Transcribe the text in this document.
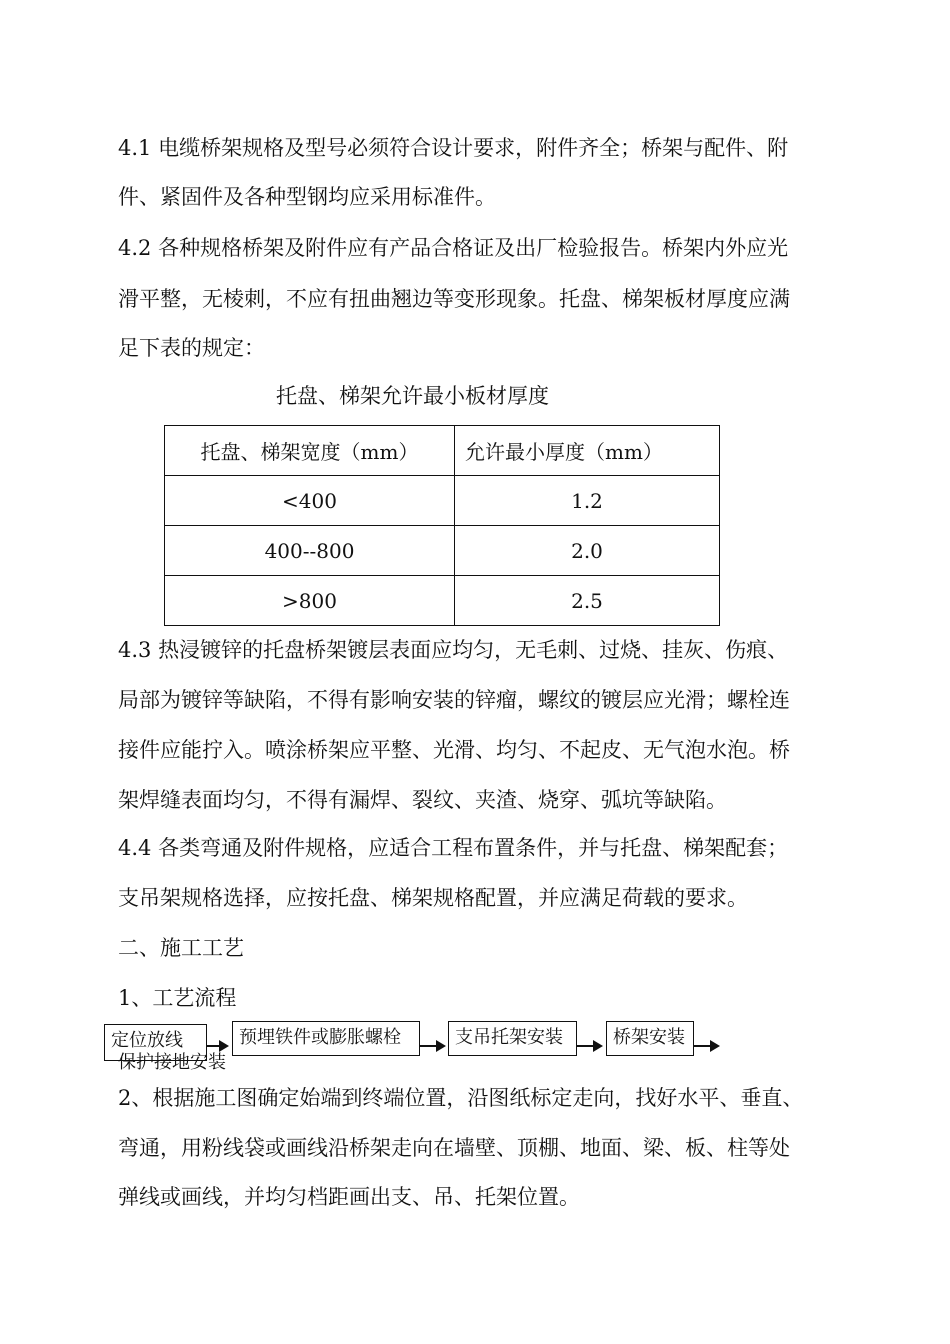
4.1 电缆桥架规格及型号必须符合设计要求，附件齐全；桥架与配件、附
件、紧固件及各种型钢均应采用标准件。
4.2 各种规格桥架及附件应有产品合格证及出厂检验报告。桥架内外应光
滑平整，无棱刺，不应有扭曲翘边等变形现象。托盘、梯架板材厚度应满
足下表的规定：
托盘、梯架允许最小板材厚度
托盘、梯架宽度（mm）	允许最小厚度（mm）
<400	1.2
400--800	2.0
>800	2.5
4.3 热浸镀锌的托盘桥架镀层表面应均匀，无毛刺、过烧、挂灰、伤痕、
局部为镀锌等缺陷，不得有影响安装的锌瘤，螺纹的镀层应光滑；螺栓连
接件应能拧入。喷涂桥架应平整、光滑、均匀、不起皮、无气泡水泡。桥
架焊缝表面均匀，不得有漏焊、裂纹、夹渣、烧穿、弧坑等缺陷。
4.4 各类弯通及附件规格，应适合工程布置条件，并与托盘、梯架配套；
支吊架规格选择，应按托盘、梯架规格配置，并应满足荷载的要求。
二、施工工艺
1、工艺流程
定位放线
保护接地安装
预埋铁件或膨胀螺栓	支吊托架安装	桥架安装
2、根据施工图确定始端到终端位置，沿图纸标定走向，找好水平、垂直、
弯通，用粉线袋或画线沿桥架走向在墙壁、顶棚、地面、梁、板、柱等处
弹线或画线，并均匀档距画出支、吊、托架位置。
